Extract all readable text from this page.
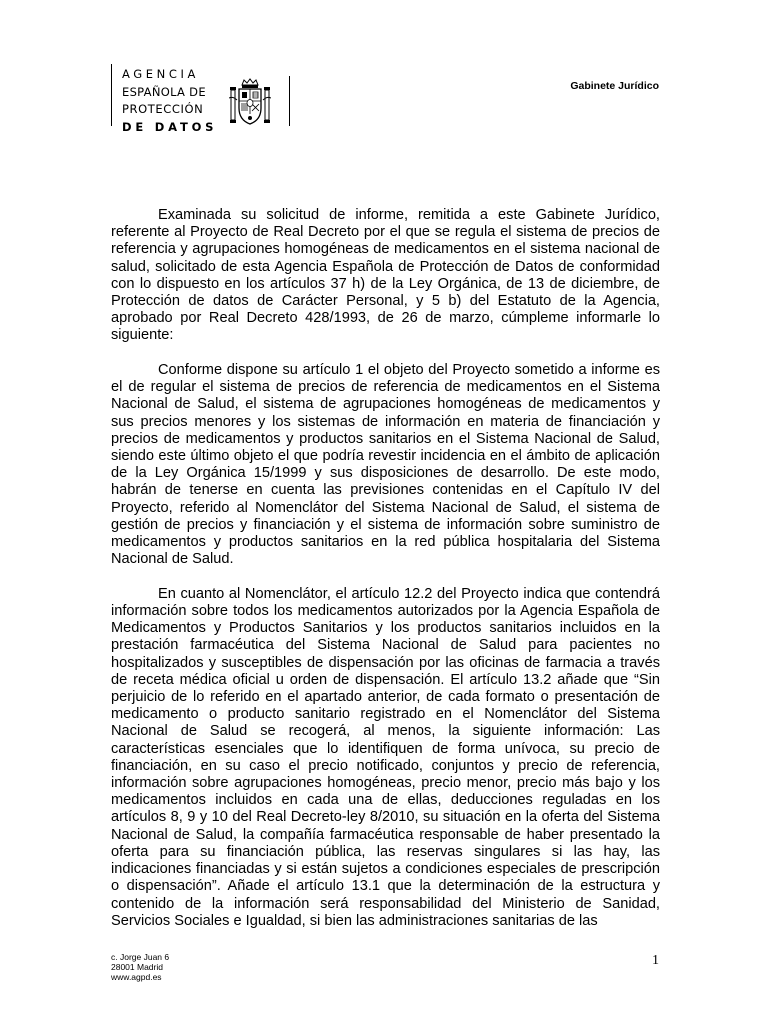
AGENCIA
ESPAÑOLA DE
PROTECCIÓN
DE DATOS
Gabinete Jurídico

Examinada su solicitud de informe, remitida a este Gabinete Jurídico, referente al Proyecto de Real Decreto por el que se regula el sistema de precios de referencia y agrupaciones homogéneas de medicamentos en el sistema nacional de salud, solicitado de esta Agencia Española de Protección de Datos de conformidad con lo dispuesto en los artículos 37 h) de la Ley Orgánica, de 13 de diciembre, de Protección de datos de Carácter Personal, y 5 b) del Estatuto de la Agencia, aprobado por Real Decreto 428/1993, de 26 de marzo, cúmpleme informarle lo siguiente:

Conforme dispone su artículo 1 el objeto del Proyecto sometido a informe es el de regular el sistema de precios de referencia de medicamentos en el Sistema Nacional de Salud, el sistema de agrupaciones homogéneas de medicamentos y sus precios menores y los sistemas de información en materia de financiación y precios de medicamentos y productos sanitarios en el Sistema Nacional de Salud, siendo este último objeto el que podría revestir incidencia en el ámbito de aplicación de la Ley Orgánica 15/1999 y sus disposiciones de desarrollo. De este modo, habrán de tenerse en cuenta las previsiones contenidas en el Capítulo IV del Proyecto, referido al Nomenclátor del Sistema Nacional de Salud, el sistema de gestión de precios y financiación y el sistema de información sobre suministro de medicamentos y productos sanitarios en la red pública hospitalaria del Sistema Nacional de Salud.

En cuanto al Nomenclátor, el artículo 12.2 del Proyecto indica que contendrá información sobre todos los medicamentos autorizados por la Agencia Española de Medicamentos y Productos Sanitarios y los productos sanitarios incluidos en la prestación farmacéutica del Sistema Nacional de Salud para pacientes no hospitalizados y susceptibles de dispensación por las oficinas de farmacia a través de receta médica oficial u orden de dispensación. El artículo 13.2 añade que “Sin perjuicio de lo referido en el apartado anterior, de cada formato o presentación de medicamento o producto sanitario registrado en el Nomenclátor del Sistema Nacional de Salud se recogerá, al menos, la siguiente información: Las características esenciales que lo identifiquen de forma unívoca, su precio de financiación, en su caso el precio notificado, conjuntos y precio de referencia, información sobre agrupaciones homogéneas, precio menor, precio más bajo y los medicamentos incluidos en cada una de ellas, deducciones reguladas en los artículos 8, 9 y 10 del Real Decreto-ley 8/2010, su situación en la oferta del Sistema Nacional de Salud, la compañía farmacéutica responsable de haber presentado la oferta para su financiación pública, las reservas singulares si las hay, las indicaciones financiadas y si están sujetos a condiciones especiales de prescripción o dispensación”. Añade el artículo 13.1 que la determinación de la estructura y contenido de la información será responsabilidad del Ministerio de Sanidad, Servicios Sociales e Igualdad, si bien las administraciones sanitarias de las

c. Jorge Juan 6
28001 Madrid
www.agpd.es
1
